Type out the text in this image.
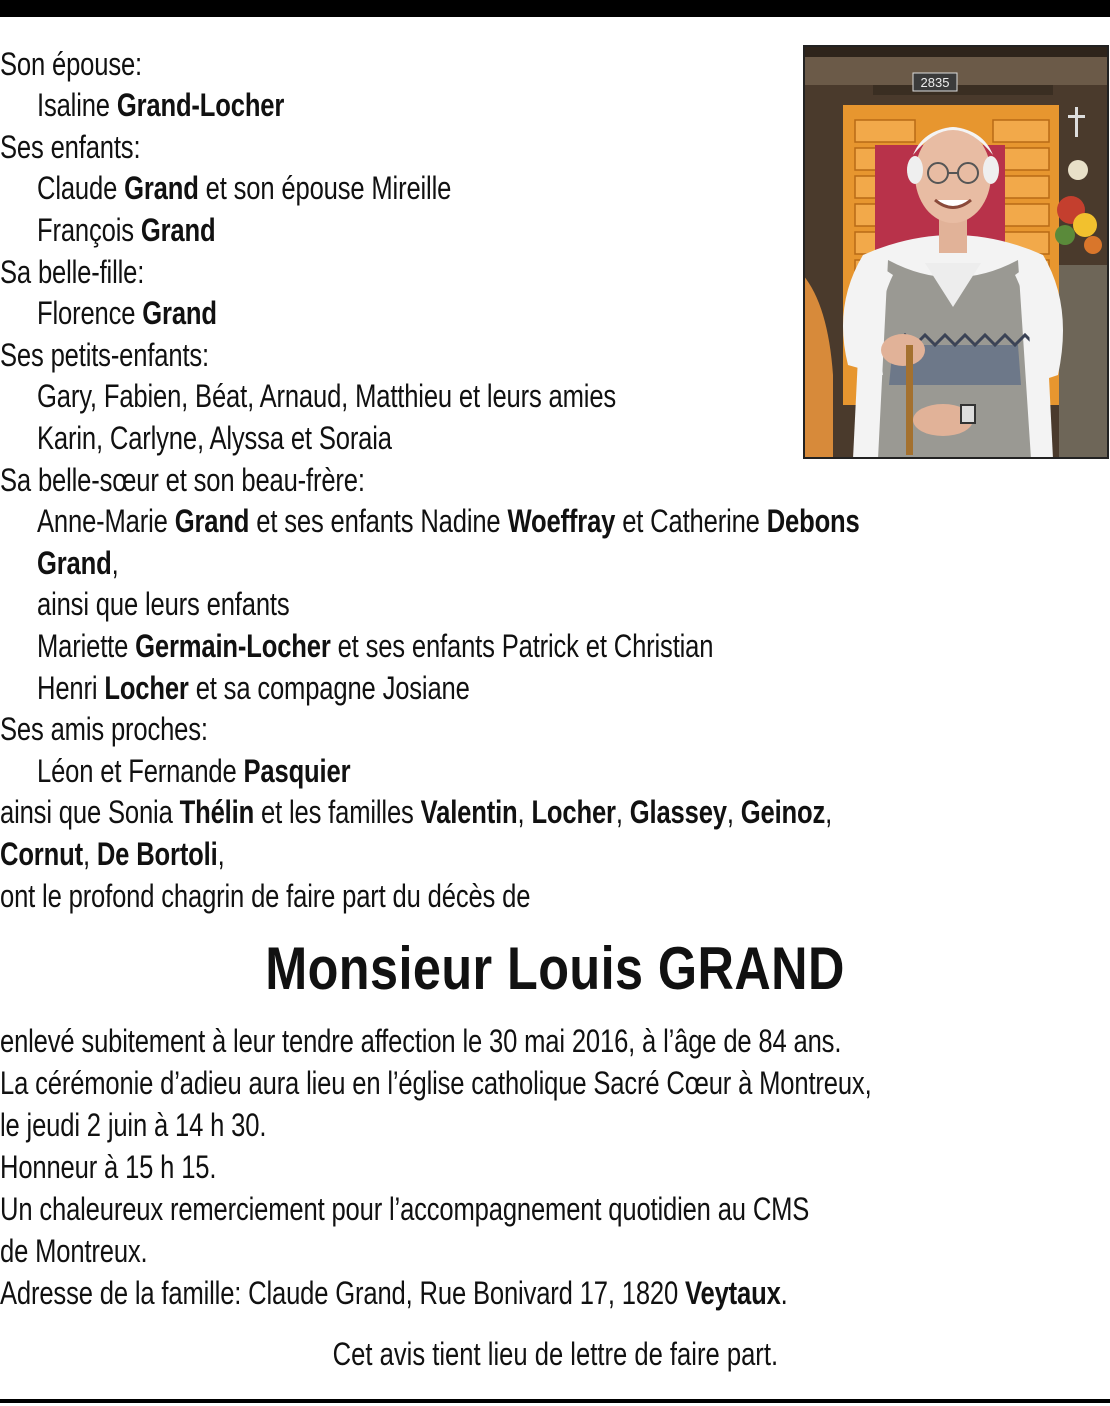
Son épouse:
Isaline Grand-Locher
Ses enfants:
Claude Grand et son épouse Mireille
François Grand
Sa belle-fille:
Florence Grand
Ses petits-enfants:
Gary, Fabien, Béat, Arnaud, Matthieu et leurs amies
Karin, Carlyne, Alyssa et Soraia
Sa belle-sœur et son beau-frère:
Anne-Marie Grand et ses enfants Nadine Woeffray et Catherine Debons
Grand,
ainsi que leurs enfants
Mariette Germain-Locher et ses enfants Patrick et Christian
Henri Locher et sa compagne Josiane
Ses amis proches:
Léon et Fernande Pasquier
ainsi que Sonia Thélin et les familles Valentin, Locher, Glassey, Geinoz,
Cornut, De Bortoli,
ont le profond chagrin de faire part du décès de
Monsieur Louis GRAND
enlevé subitement à leur tendre affection le 30 mai 2016, à l’âge de 84 ans.
La cérémonie d’adieu aura lieu en l’église catholique Sacré Cœur à Montreux,
le jeudi 2 juin à 14 h 30.
Honneur à 15 h 15.
Un chaleureux remerciement pour l’accompagnement quotidien au CMS
de Montreux.
Adresse de la famille: Claude Grand, Rue Bonivard 17, 1820 Veytaux.
Cet avis tient lieu de lettre de faire part.
2835
